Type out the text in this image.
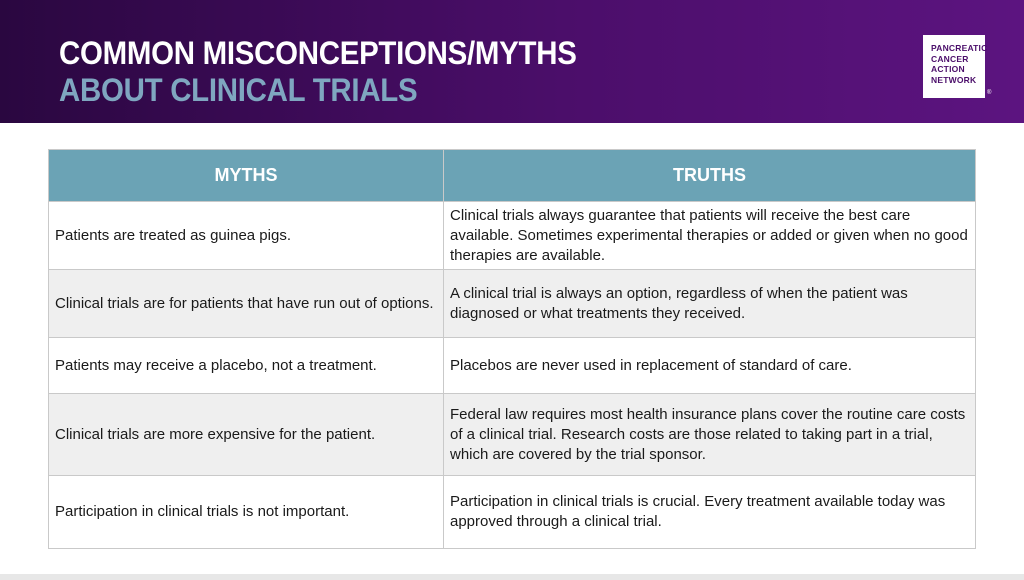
COMMON MISCONCEPTIONS/MYTHS
ABOUT CLINICAL TRIALS
PANCREATIC
CANCER
ACTION
NETWORK
®
MYTHS	TRUTHS
Patients are treated as guinea pigs.	Clinical trials always guarantee that patients will receive the best care available. Sometimes experimental therapies or added or given when no good therapies are available.
Clinical trials are for patients that have run out of options.	A clinical trial is always an option, regardless of when the patient was diagnosed or what treatments they received.
Patients may receive a placebo, not a treatment.	Placebos are never used in replacement of standard of care.
Clinical trials are more expensive for the patient.	Federal law requires most health insurance plans cover the routine care costs of a clinical trial. Research costs are those related to taking part in a trial, which are covered by the trial sponsor.
Participation in clinical trials is not important.	Participation in clinical trials is crucial. Every treatment available today was approved through a clinical trial.
